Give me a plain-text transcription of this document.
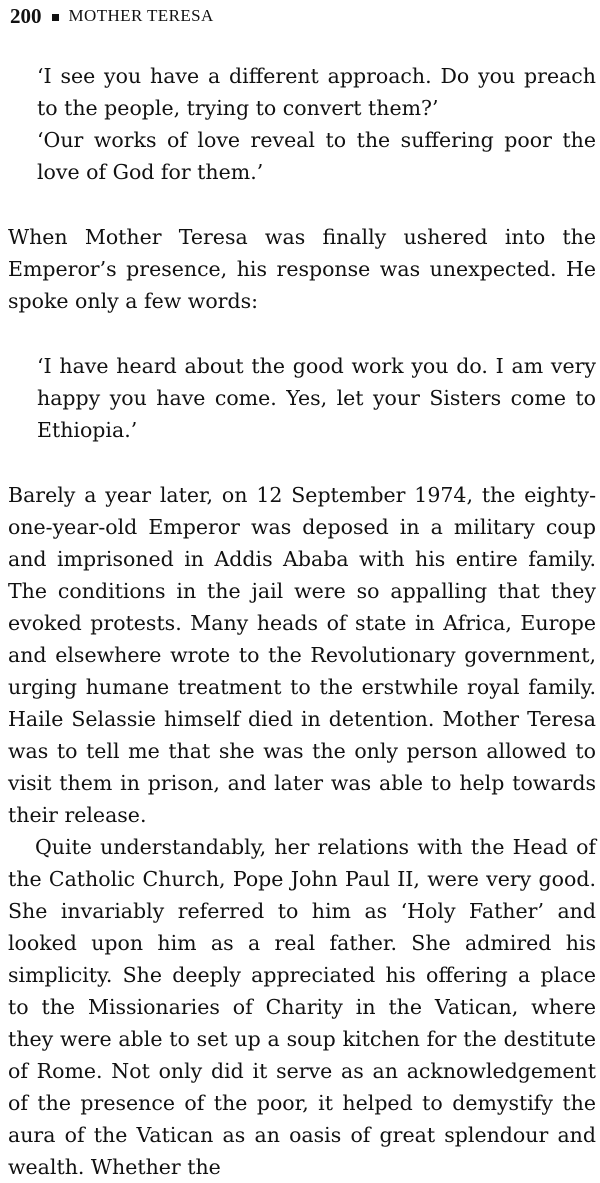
200 MOTHER TERESA

‘I see you have a different approach. Do you preach to the people, trying to convert them?’

‘Our works of love reveal to the suffering poor the love of God for them.’

When Mother Teresa was finally ushered into the Emperor’s presence, his response was unexpected. He spoke only a few words:

‘I have heard about the good work you do. I am very happy you have come. Yes, let your Sisters come to Ethiopia.’

Barely a year later, on 12 September 1974, the eighty-one-year-old Emperor was deposed in a military coup and imprisoned in Addis Ababa with his entire family. The conditions in the jail were so appalling that they evoked protests. Many heads of state in Africa, Europe and elsewhere wrote to the Revolutionary government, urging humane treatment to the erstwhile royal family. Haile Selassie himself died in detention. Mother Teresa was to tell me that she was the only person allowed to visit them in prison, and later was able to help towards their release.

Quite understandably, her relations with the Head of the Catholic Church, Pope John Paul II, were very good. She invariably referred to him as ‘Holy Father’ and looked upon him as a real father. She admired his simplicity. She deeply appreciated his offering a place to the Missionaries of Charity in the Vatican, where they were able to set up a soup kitchen for the destitute of Rome. Not only did it serve as an acknowledgement of the presence of the poor, it helped to demystify the aura of the Vatican as an oasis of great splendour and wealth. Whether the
